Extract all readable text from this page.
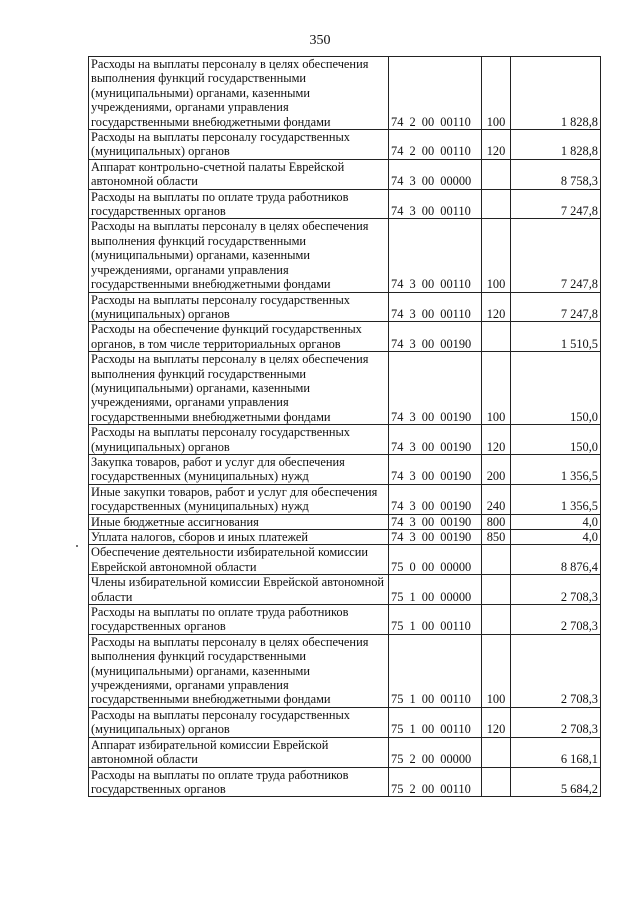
350
Расходы на выплаты персоналу в целях обеспечения выполнения функций государственными (муниципальными) органами, казенными учреждениями, органами управления государственными внебюджетными фондами	74 2 00 00110	100	1 828,8
Расходы на выплаты персоналу государственных (муниципальных) органов	74 2 00 00110	120	1 828,8
Аппарат контрольно-счетной палаты Еврейской автономной области	74 3 00 00000		8 758,3
Расходы на выплаты по оплате труда работников государственных органов	74 3 00 00110		7 247,8
Расходы на выплаты персоналу в целях обеспечения выполнения функций государственными (муниципальными) органами, казенными учреждениями, органами управления государственными внебюджетными фондами	74 3 00 00110	100	7 247,8
Расходы на выплаты персоналу государственных (муниципальных) органов	74 3 00 00110	120	7 247,8
Расходы на обеспечение функций государственных органов, в том числе территориальных органов	74 3 00 00190		1 510,5
Расходы на выплаты персоналу в целях обеспечения выполнения функций государственными (муниципальными) органами, казенными учреждениями, органами управления государственными внебюджетными фондами	74 3 00 00190	100	150,0
Расходы на выплаты персоналу государственных (муниципальных) органов	74 3 00 00190	120	150,0
Закупка товаров, работ и услуг для обеспечения государственных (муниципальных) нужд	74 3 00 00190	200	1 356,5
Иные закупки товаров, работ и услуг для обеспечения государственных (муниципальных) нужд	74 3 00 00190	240	1 356,5
Иные бюджетные ассигнования	74 3 00 00190	800	4,0
Уплата налогов, сборов и иных платежей	74 3 00 00190	850	4,0
Обеспечение деятельности избирательной комиссии Еврейской автономной области	75 0 00 00000		8 876,4
Члены избирательной комиссии Еврейской автономной области	75 1 00 00000		2 708,3
Расходы на выплаты по оплате труда работников государственных органов	75 1 00 00110		2 708,3
Расходы на выплаты персоналу в целях обеспечения выполнения функций государственными (муниципальными) органами, казенными учреждениями, органами управления государственными внебюджетными фондами	75 1 00 00110	100	2 708,3
Расходы на выплаты персоналу государственных (муниципальных) органов	75 1 00 00110	120	2 708,3
Аппарат избирательной комиссии Еврейской автономной области	75 2 00 00000		6 168,1
Расходы на выплаты по оплате труда работников государственных органов	75 2 00 00110		5 684,2
